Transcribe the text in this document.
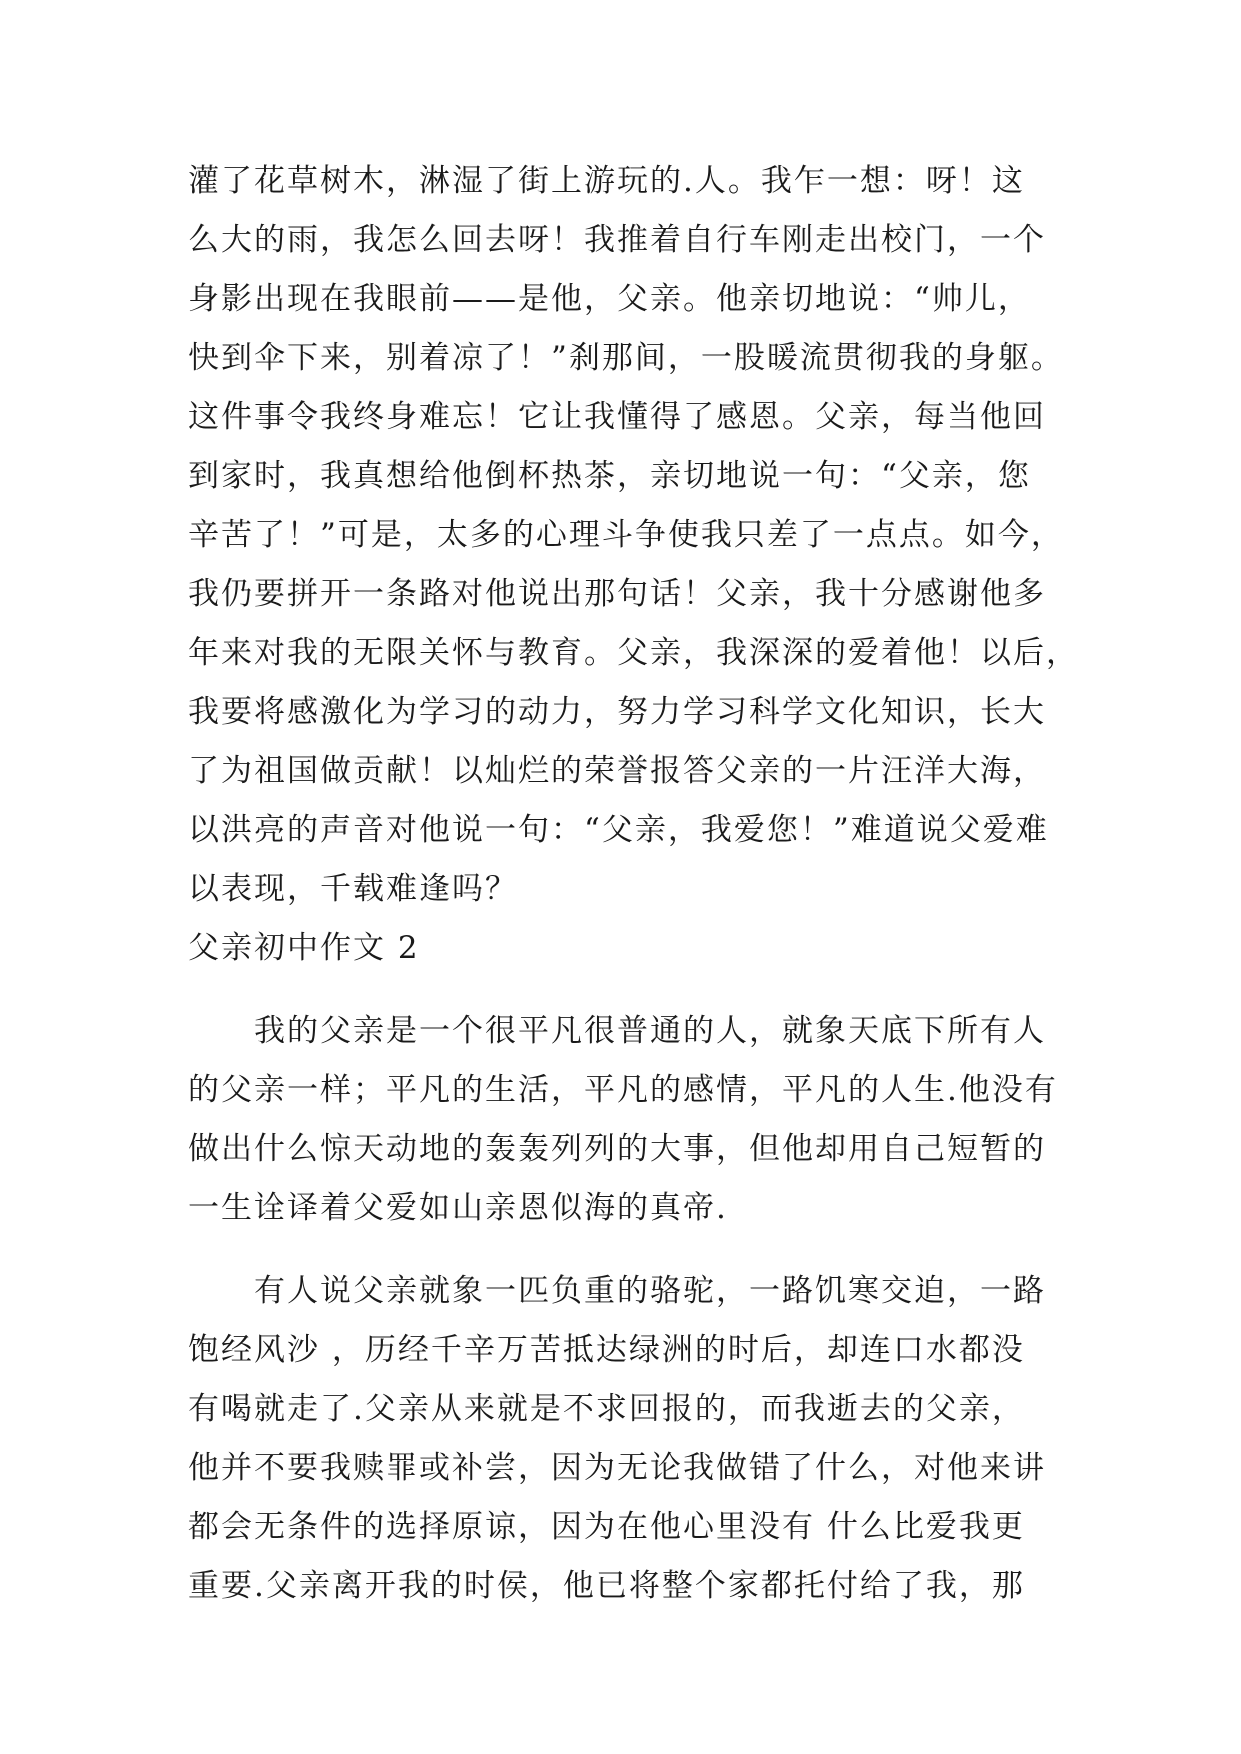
灌了花草树木，淋湿了街上游玩的.人。我乍一想：呀！这
么大的雨，我怎么回去呀！我推着自行车刚走出校门，一个
身影出现在我眼前——是他，父亲。他亲切地说：“帅儿，
快到伞下来，别着凉了！”刹那间，一股暖流贯彻我的身躯。
这件事令我终身难忘！它让我懂得了感恩。父亲，每当他回
到家时，我真想给他倒杯热茶，亲切地说一句：“父亲，您
辛苦了！”可是，太多的心理斗争使我只差了一点点。如今，
我仍要拼开一条路对他说出那句话！父亲，我十分感谢他多
年来对我的无限关怀与教育。父亲，我深深的爱着他！以后，
我要将感激化为学习的动力，努力学习科学文化知识，长大
了为祖国做贡献！以灿烂的荣誉报答父亲的一片汪洋大海，
以洪亮的声音对他说一句：“父亲，我爱您！”难道说父爱难
以表现，千载难逢吗？
父亲初中作文 2
我的父亲是一个很平凡很普通的人，就象天底下所有人
的父亲一样；平凡的生活，平凡的感情，平凡的人生.他没有
做出什么惊天动地的轰轰列列的大事，但他却用自己短暂的
一生诠译着父爱如山亲恩似海的真帝.
有人说父亲就象一匹负重的骆驼，一路饥寒交迫，一路
饱经风沙 ，历经千辛万苦抵达绿洲的时后，却连口水都没
有喝就走了.父亲从来就是不求回报的，而我逝去的父亲，
他并不要我赎罪或补尝，因为无论我做错了什么，对他来讲
都会无条件的选择原谅，因为在他心里没有 什么比爱我更
重要.父亲离开我的时侯，他已将整个家都托付给了我，那
